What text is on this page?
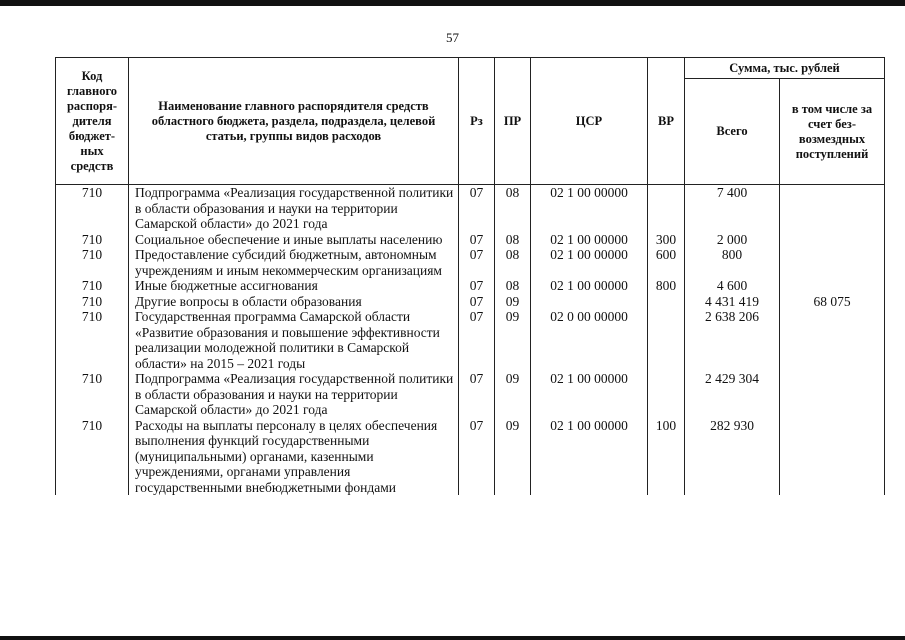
57
Код главного распоря-дителя бюджет-ных средств	Наименование главного распорядителя средств областного бюджета, раздела, подраздела, целевой статьи, группы видов расходов	Рз	ПР	ЦСР	ВР	Сумма, тыс. рублей	
						Всего	в том числе за счет без-возмездных поступлений
710	Подпрограмма «Реализация государственной политики в области образования и науки на территории Самарской области» до 2021 года	07	08	02 1 00 00000		7 400	
710	Социальное обеспечение и иные выплаты населению	07	08	02 1 00 00000	300	2 000	
710	Предоставление субсидий бюджетным, автономным учреждениям и иным некоммерческим организациям	07	08	02 1 00 00000	600	800	
710	Иные бюджетные ассигнования	07	08	02 1 00 00000	800	4 600	
710	Другие вопросы в области образования	07	09			4 431 419	68 075
710	Государственная программа Самарской области «Развитие образования и повышение эффективности реализации молодежной политики в Самарской области» на 2015 – 2021 годы	07	09	02 0 00 00000		2 638 206	
710	Подпрограмма «Реализация государственной политики в области образования и науки на территории Самарской области» до 2021 года	07	09	02 1 00 00000		2 429 304	
710	Расходы на выплаты персоналу в целях обеспечения выполнения функций государственными (муниципальными) органами, казенными учреждениями, органами управления государственными внебюджетными фондами	07	09	02 1 00 00000	100	282 930	
